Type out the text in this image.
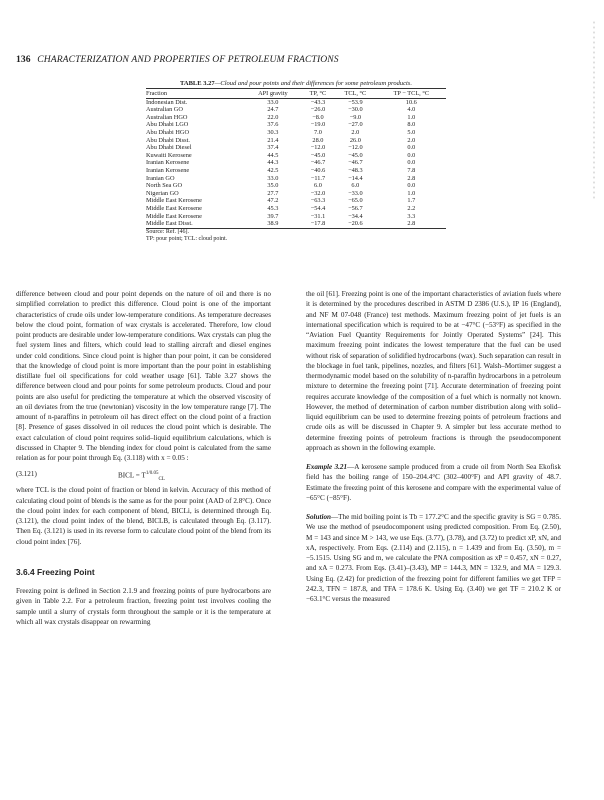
136 CHARACTERIZATION AND PROPERTIES OF PETROLEUM FRACTIONS
TABLE 3.27—Cloud and pour points and their differences for some petroleum products.
Fraction	API gravity	TP, °C	TCL, °C	TP − TCL, °C
Indonesian Dist.	33.0	−43.3	−53.9	10.6
Australian GO	24.7	−26.0	−30.0	4.0
Australian HGO	22.0	−8.0	−9.0	1.0
Abu Dhabi LGO	37.6	−19.0	−27.0	8.0
Abu Dhabi HGO	30.3	7.0	2.0	5.0
Abu Dhabi Disst.	21.4	28.0	26.0	2.0
Abu Dhabi Diesel	37.4	−12.0	−12.0	0.0
Kuwaiti Kerosene	44.5	−45.0	−45.0	0.0
Iranian Kerosene	44.3	−46.7	−46.7	0.0
Iranian Kerosene	42.5	−40.6	−48.3	7.8
Iranian GO	33.0	−11.7	−14.4	2.8
North Sea GO	35.0	6.0	6.0	0.0
Nigerian GO	27.7	−32.0	−33.0	1.0
Middle East Kerosene	47.2	−63.3	−65.0	1.7
Middle East Kerosene	45.3	−54.4	−56.7	2.2
Middle East Kerosene	39.7	−31.1	−34.4	3.3
Middle East Disst.	38.9	−17.8	−20.6	2.8
Source: Ref. [46].
TP: pour point; TCL: cloud point.

difference between cloud and pour point depends on the nature of oil and there is no simplified correlation to predict this difference. Cloud point is one of the important characteristics of crude oils under low-temperature conditions. As temperature decreases below the cloud point, formation of wax crystals is accelerated. Therefore, low cloud point products are desirable under low-temperature conditions. Wax crystals can plug the fuel system lines and filters, which could lead to stalling aircraft and diesel engines under cold conditions. Since cloud point is higher than pour point, it can be considered that the knowledge of cloud point is more important than the pour point in establishing distillate fuel oil specifications for cold weather usage [61]. Table 3.27 shows the difference between cloud and pour points for some petroleum products. Cloud and pour points are also useful for predicting the temperature at which the observed viscosity of an oil deviates from the true (newtonian) viscosity in the low temperature range [7]. The amount of n-paraffins in petroleum oil has direct effect on the cloud point of a fraction [8]. Presence of gases dissolved in oil reduces the cloud point which is desirable. The exact calculation of cloud point requires solid–liquid equilibrium calculations, which is discussed in Chapter 9. The blending index for cloud point is calculated from the same relation as for pour point through Eq. (3.118) with x = 0.05 :

(3.121)	BICL = $T^{1/0.05}_{CL}$

where TCL is the cloud point of fraction or blend in kelvin. Accuracy of this method of calculating cloud point of blends is the same as for the pour point (AAD of 2.8°C). Once the cloud point index for each component of blend, BICLi, is determined through Eq. (3.121), the cloud point index of the blend, BICLB, is calculated through Eq. (3.117). Then Eq. (3.121) is used in its reverse form to calculate cloud point of the blend from its cloud point index [76].

3.6.4 Freezing Point

Freezing point is defined in Section 2.1.9 and freezing points of pure hydrocarbons are given in Table 2.2. For a petroleum fraction, freezing point test involves cooling the sample until a slurry of crystals form throughout the sample or it is the temperature at which all wax crystals disappear on rewarming

the oil [61]. Freezing point is one of the important characteristics of aviation fuels where it is determined by the procedures described in ASTM D 2386 (U.S.), IP 16 (England), and NF M 07-048 (France) test methods. Maximum freezing point of jet fuels is an international specification which is required to be at −47°C (−53°F) as specified in the “Aviation Fuel Quantity Requirements for Jointly Operated Systems” [24]. This maximum freezing point indicates the lowest temperature that the fuel can be used without risk of separation of solidified hydrocarbons (wax). Such separation can result in the blockage in fuel tank, pipelines, nozzles, and filters [61]. Walsh–Mortimer suggest a thermodynamic model based on the solubility of n-paraffin hydrocarbons in a petroleum mixture to determine the freezing point [71]. Accurate determination of freezing point requires accurate knowledge of the composition of a fuel which is normally not known. However, the method of determination of carbon number distribution along with solid–liquid equilibrium can be used to determine freezing points of petroleum fractions and crude oils as will be discussed in Chapter 9. A simpler but less accurate method to determine freezing points of petroleum fractions is through the pseudocomponent approach as shown in the following example.

Example 3.21—A kerosene sample produced from a crude oil from North Sea Ekofisk field has the boiling range of 150–204.4°C (302–400°F) and API gravity of 48.7. Estimate the freezing point of this kerosene and compare with the experimental value of −65°C (−85°F).

Solution—The mid boiling point is Tb = 177.2°C and the specific gravity is SG = 0.785. We use the method of pseudocomponent using predicted composition. From Eq. (2.50), M = 143 and since M > 143, we use Eqs. (3.77), (3.78), and (3.72) to predict xP, xN, and xA, respectively. From Eqs. (2.114) and (2.115), n = 1.439 and from Eq. (3.50), m = −5.1515. Using SG and m, we calculate the PNA composition as xP = 0.457, xN = 0.27, and xA = 0.273. From Eqs. (3.41)–(3.43), MP = 144.3, MN = 132.9, and MA = 129.3. Using Eq. (2.42) for prediction of the freezing point for different families we get TFP = 242.3, TFN = 187.8, and TFA = 178.6 K. Using Eq. (3.40) we get TF = 210.2 K or −63.1°C versus the measured
